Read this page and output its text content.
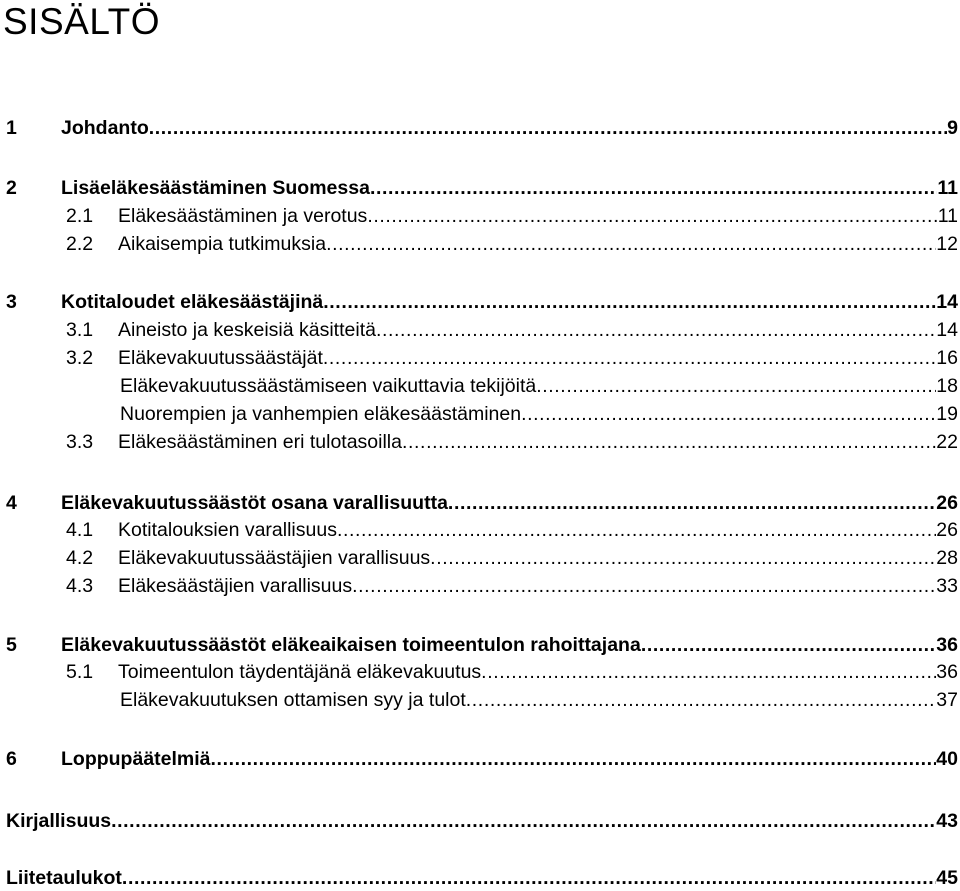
SISÄLTÖ
1 Johdanto .....	9
2 Lisäeläkesäästäminen Suomessa .....	11
2.1 Eläkesäästäminen ja verotus .....	11
2.2 Aikaisempia tutkimuksia .....	12
3 Kotitaloudet eläkesäästäjinä .....	14
3.1 Aineisto ja keskeisiä käsitteitä .....	14
3.2 Eläkevakuutussäästäjät .....	16
Eläkevakuutussäästämiseen vaikuttavia tekijöitä .....	18
Nuorempien ja vanhempien eläkesäästäminen .....	19
3.3 Eläkesäästäminen eri tulotasoilla .....	22
4 Eläkevakuutussäästöt osana varallisuutta .....	26
4.1 Kotitalouksien varallisuus .....	26
4.2 Eläkevakuutussäästäjien varallisuus .....	28
4.3 Eläkesäästäjien varallisuus .....	33
5 Eläkevakuutussäästöt eläkeaikaisen toimeentulon rahoittajana .....	36
5.1 Toimeentulon täydentäjänä eläkevakuutus .....	36
Eläkevakuutuksen ottamisen syy ja tulot .....	37
6 Loppupäätelmiä .....	40
Kirjallisuus .....	43
Liitetaulukot .....	45
